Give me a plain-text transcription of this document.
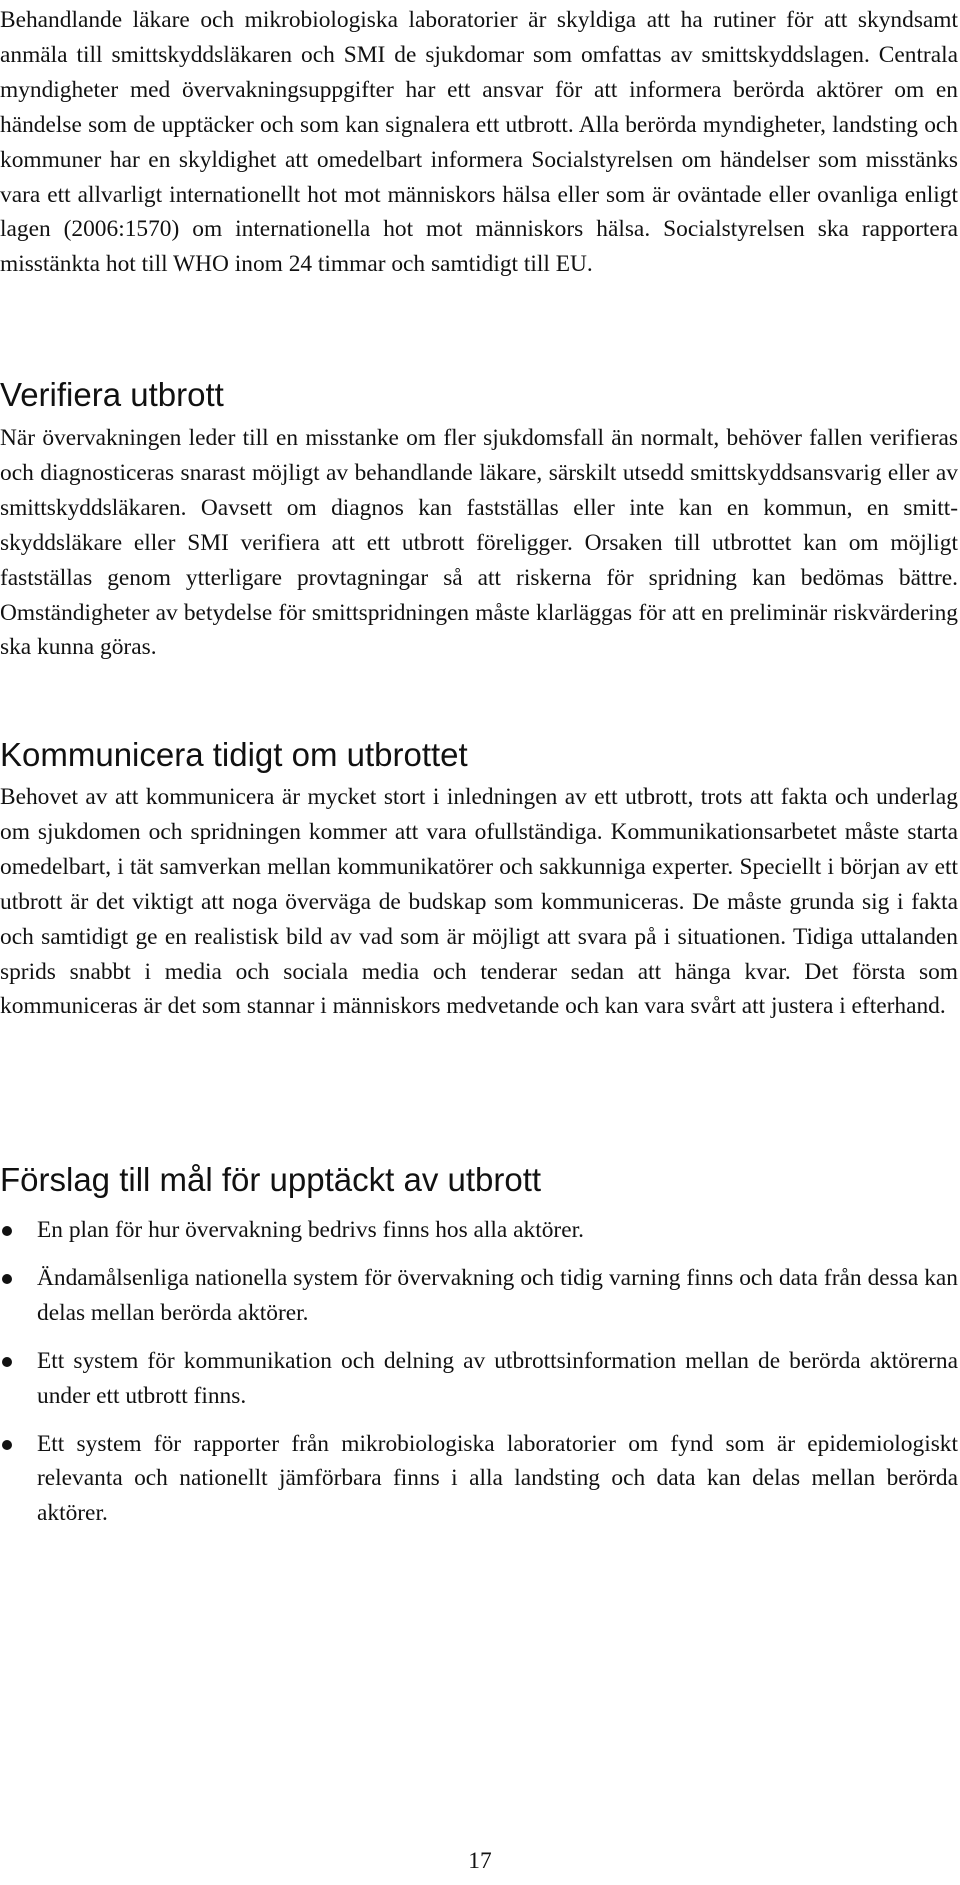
Behandlande läkare och mikrobiologiska laboratorier är skyldiga att ha rutiner för att skyndsamt anmäla till smittskyddsläkaren och SMI de sjukdomar som omfattas av smittskyddslagen. Centrala myndigheter med övervakningsuppgifter har ett ansvar för att informera berörda aktörer om en händelse som de upptäcker och som kan signalera ett utbrott. Alla berörda myndigheter, landsting och kommuner har en skyldighet att omedelbart informera Socialstyrelsen om händelser som misstänks vara ett allvarligt internationellt hot mot människors hälsa eller som är oväntade eller ovanliga enligt lagen (2006:1570) om internationella hot mot människors hälsa. Socialstyrelsen ska rapportera misstänkta hot till WHO inom 24 timmar och samtidigt till EU.

Verifiera utbrott

När övervakningen leder till en misstanke om fler sjukdomsfall än normalt, behöver fallen verifieras och diagnosticeras snarast möjligt av behandlande läkare, särskilt utsedd smittskyddsansvarig eller av smittskyddsläkaren. Oavsett om diagnos kan fastställas eller inte kan en kommun, en smittskyddsläkare eller SMI verifiera att ett utbrott föreligger. Orsaken till utbrottet kan om möjligt fastställas genom ytterligare provtagningar så att riskerna för spridning kan bedömas bättre. Omständigheter av betydelse för smittspridningen måste klarläggas för att en preliminär riskvärdering ska kunna göras.

Kommunicera tidigt om utbrottet

Behovet av att kommunicera är mycket stort i inledningen av ett utbrott, trots att fakta och underlag om sjukdomen och spridningen kommer att vara ofullständiga. Kommunikationsarbetet måste starta omedelbart, i tät samverkan mellan kommunikatörer och sakkunniga experter. Speciellt i början av ett utbrott är det viktigt att noga överväga de budskap som kommuniceras. De måste grunda sig i fakta och samtidigt ge en realistisk bild av vad som är möjligt att svara på i situationen. Tidiga uttalanden sprids snabbt i media och sociala media och tenderar sedan att hänga kvar. Det första som kommuniceras är det som stannar i människors medvetande och kan vara svårt att justera i efterhand.

Förslag till mål för upptäckt av utbrott

En plan för hur övervakning bedrivs finns hos alla aktörer.

Ändamålsenliga nationella system för övervakning och tidig varning finns och data från dessa kan delas mellan berörda aktörer.

Ett system för kommunikation och delning av utbrottsinformation mellan de berörda aktörerna under ett utbrott finns.

Ett system för rapporter från mikrobiologiska laboratorier om fynd som är epidemiologiskt relevanta och nationellt jämförbara finns i alla landsting och data kan delas mellan berörda aktörer.

17
